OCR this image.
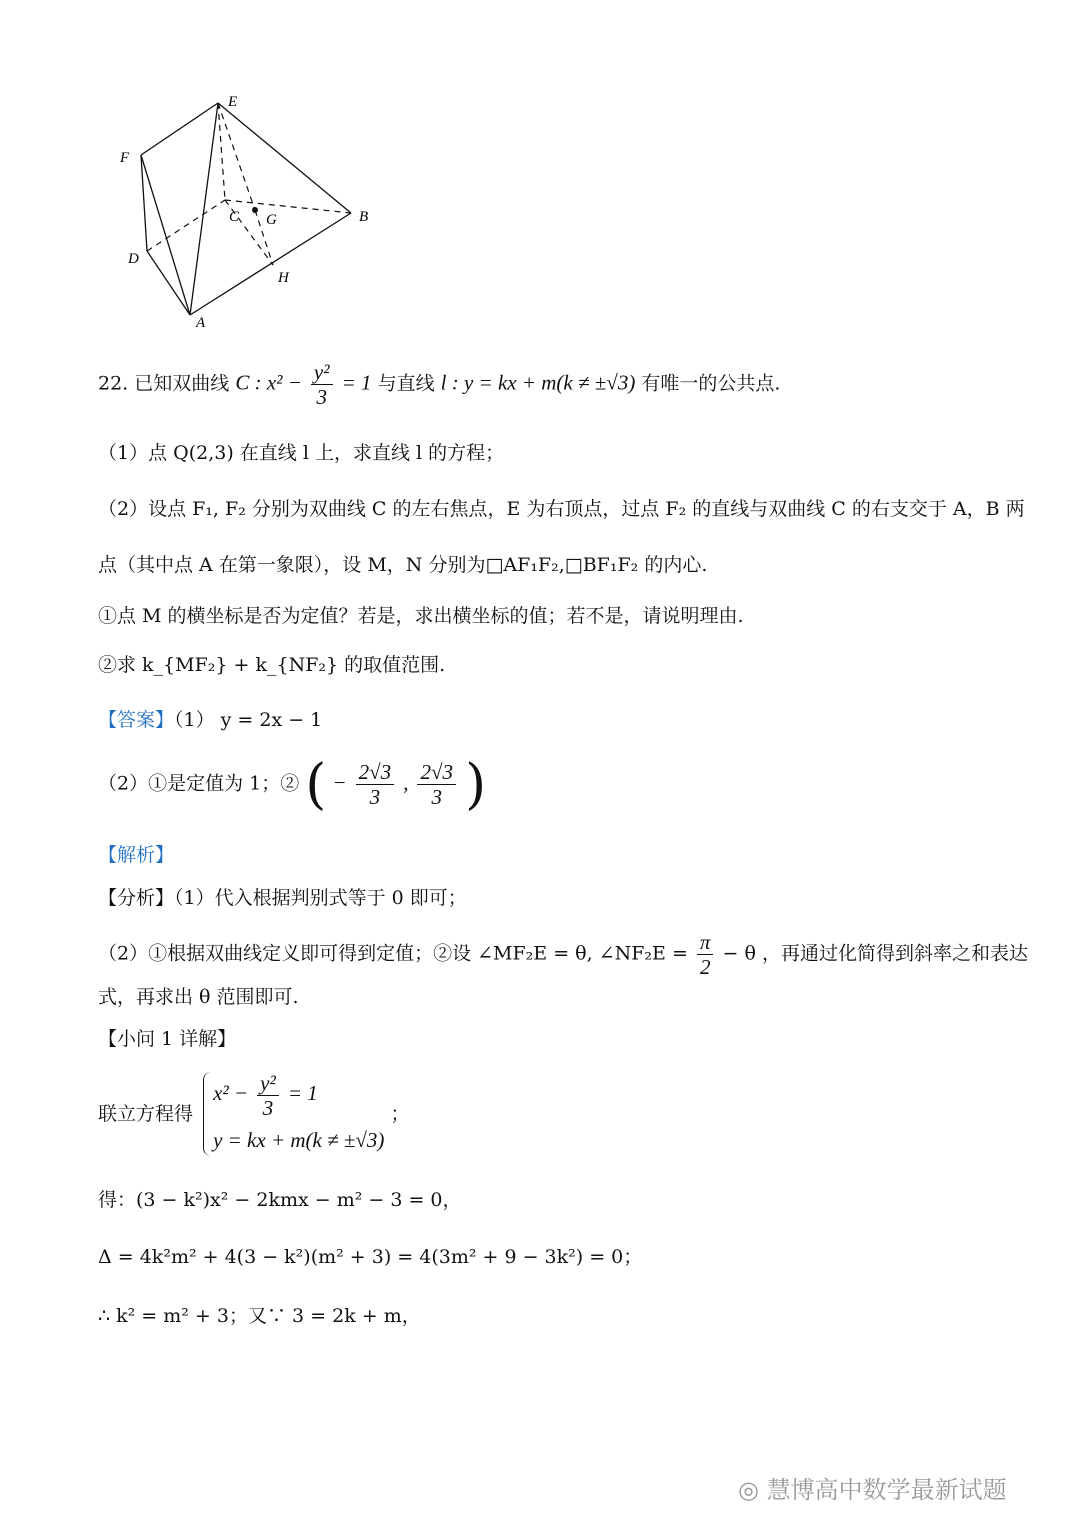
E
F
C G	B
D
H
A
22. 已知双曲线 C : $x^2 - \frac{\text{y²}}{3} = 1$ 与直线 l : y = kx + m(k ≠ ±√3) 有唯一的公共点.
（1）点 Q(2,3) 在直线 l 上，求直线 l 的方程；
（2）设点 F₁, F₂ 分别为双曲线 C 的左右焦点，E 为右顶点，过点 F₂ 的直线与双曲线 C 的右支交于 A，B 两
点（其中点 A 在第一象限），设 M，N 分别为□AF₁F₂,□BF₁F₂ 的内心.
①点 M 的横坐标是否为定值？若是，求出横坐标的值；若不是，请说明理由.
②求 k_{MF₂} + k_{NF₂} 的取值范围.
【答案】（1） y = 2x − 1
（2）①是定值为 1；② ( − $\frac{2√3}{3}$ , $\frac{2√3}{3}$ )
【解析】
【分析】（1）代入根据判别式等于 0 即可；
（2）①根据双曲线定义即可得到定值；②设 ∠MF₂E = θ, ∠NF₂E = $\frac{\pi}{2} - \theta$ ，再通过化简得到斜率之和表达
式，再求出 θ 范围即可.
【小问 1 详解】
联立方程得
$x^2 - \frac{\text{y²}}{3} = 1$
y = kx + m(k ≠ ±√3)
；
得：(3 − k²)x² − 2kmx − m² − 3 = 0，
Δ = 4k²m² + 4(3 − k²)(m² + 3) = 4(3m² + 9 − 3k²) = 0；
∴ k² = m² + 3；又∵ 3 = 2k + m，
◎ 慧博高中数学最新试题
